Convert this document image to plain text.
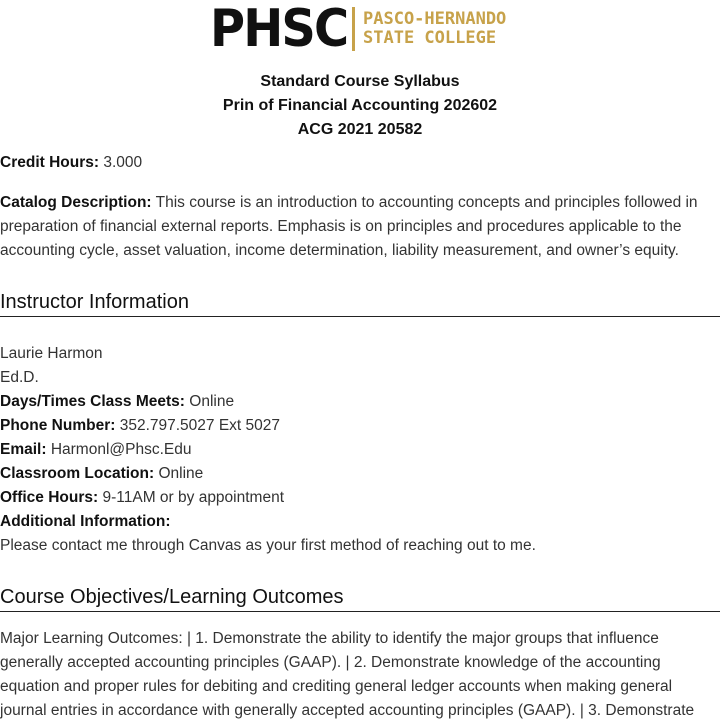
PHSC PASCO-HERNANDO
STATE COLLEGE
Standard Course Syllabus
Prin of Financial Accounting 202602
ACG 2021 20582
Credit Hours: 3.000
Catalog Description: This course is an introduction to accounting concepts and principles followed in preparation of financial external reports. Emphasis is on principles and procedures applicable to the accounting cycle, asset valuation, income determination, liability measurement, and owner’s equity.
Instructor Information
Laurie Harmon
Ed.D.
Days/Times Class Meets: Online
Phone Number: 352.797.5027 Ext 5027
Email: Harmonl@Phsc.Edu
Classroom Location: Online
Office Hours: 9-11AM or by appointment
Additional Information:
Please contact me through Canvas as your first method of reaching out to me.
Course Objectives/Learning Outcomes
Major Learning Outcomes: | 1. Demonstrate the ability to identify the major groups that influence generally accepted accounting principles (GAAP). | 2. Demonstrate knowledge of the accounting equation and proper rules for debiting and crediting general ledger accounts when making general journal entries in accordance with generally accepted accounting principles (GAAP). | 3. Demonstrate
